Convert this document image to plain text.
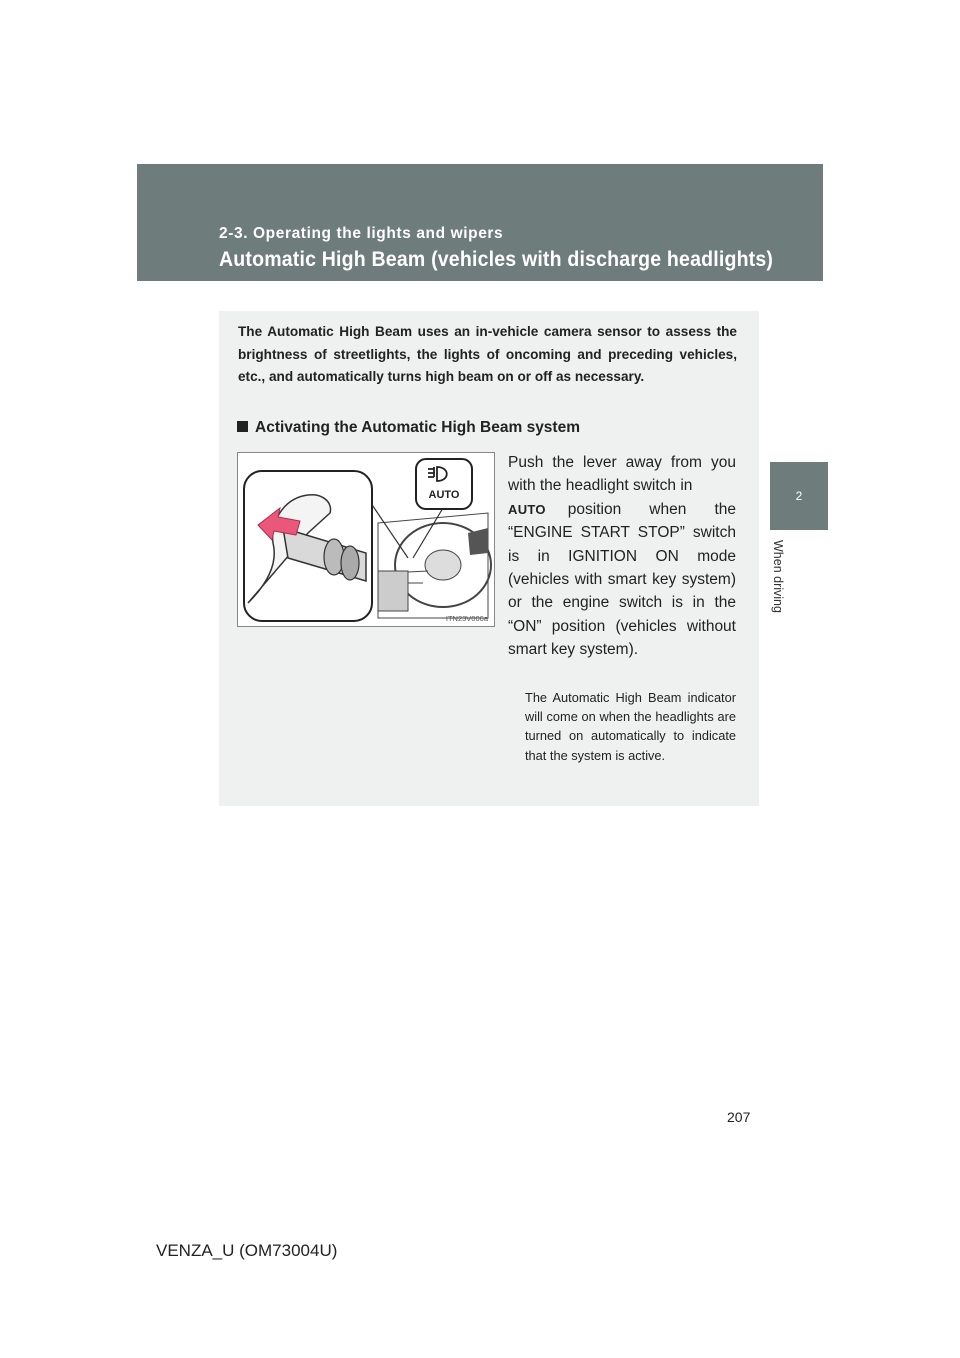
2-3. Operating the lights and wipers
Automatic High Beam (vehicles with discharge headlights)
2
When driving
The Automatic High Beam uses an in-vehicle camera sensor to assess the brightness of streetlights, the lights of oncoming and preceding vehicles, etc., and automatically turns high beam on or off as necessary.
Activating the Automatic High Beam system
AUTO
ITN23V006a
Push the lever away from you with the headlight switch in
AUTO position when the “ENGINE START STOP” switch is in IGNITION ON mode (vehicles with smart key system) or the engine switch is in the “ON” position (vehicles without smart key system).
The Automatic High Beam indicator will come on when the headlights are turned on automatically to indicate that the system is active.
207
VENZA_U (OM73004U)
